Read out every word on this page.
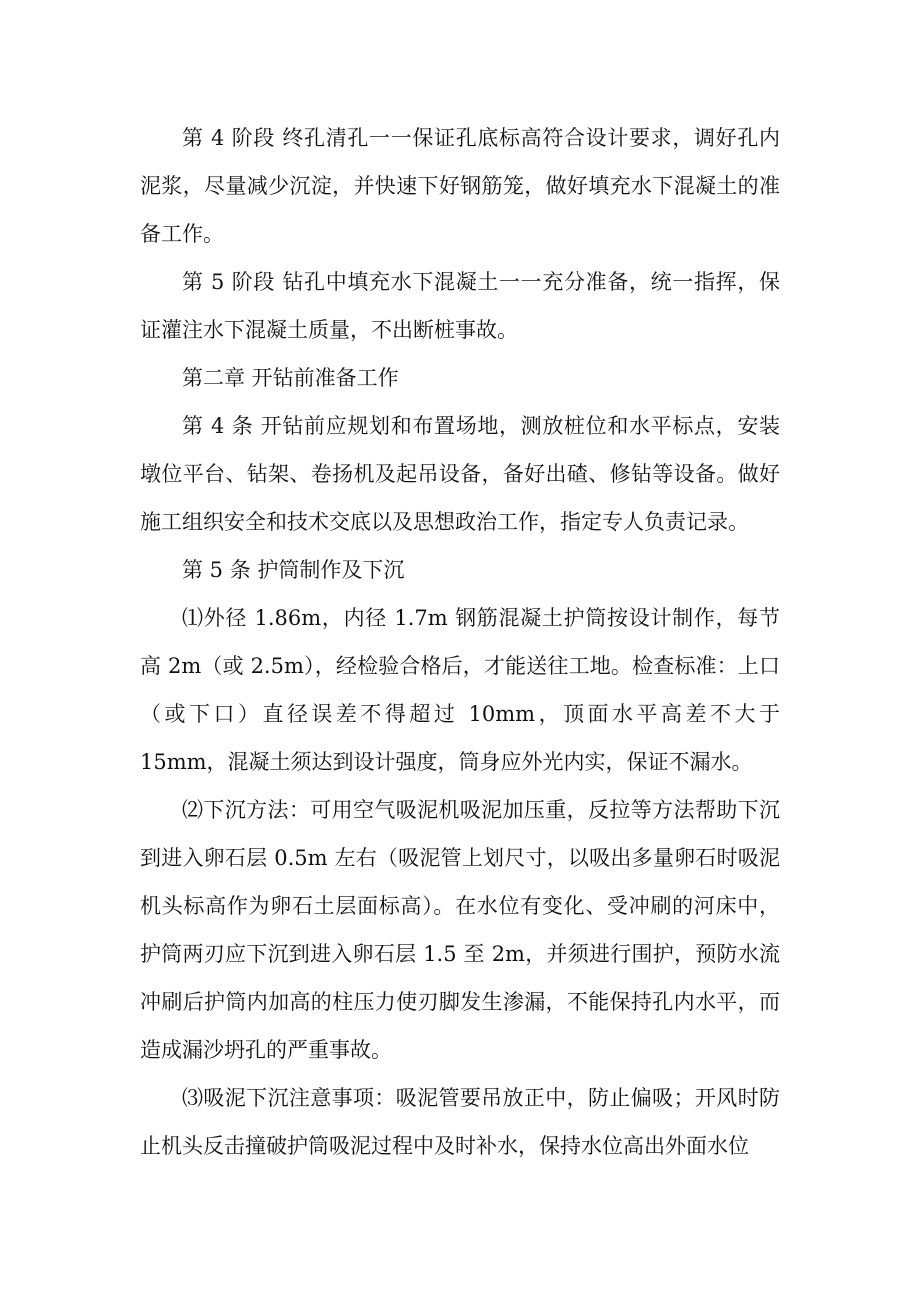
第 4 阶段 终孔清孔一一保证孔底标高符合设计要求，调好孔内泥浆，尽量减少沉淀，并快速下好钢筋笼，做好填充水下混凝土的准备工作。

第 5 阶段 钻孔中填充水下混凝土一一充分准备，统一指挥，保证灌注水下混凝土质量，不出断桩事故。

第二章 开钻前准备工作

第 4 条 开钻前应规划和布置场地，测放桩位和水平标点，安装墩位平台、钻架、卷扬机及起吊设备，备好出碴、修钻等设备。做好施工组织安全和技术交底以及思想政治工作，指定专人负责记录。

第 5 条 护筒制作及下沉

⑴外径 1.86m，内径 1.7m 钢筋混凝土护筒按设计制作，每节高 2m（或 2.5m），经检验合格后，才能送往工地。检查标准：上口（或下口）直径误差不得超过 10mm，顶面水平高差不大于 15mm，混凝土须达到设计强度，筒身应外光内实，保证不漏水。

⑵下沉方法：可用空气吸泥机吸泥加压重，反拉等方法帮助下沉到进入卵石层 0.5m 左右（吸泥管上划尺寸，以吸出多量卵石时吸泥机头标高作为卵石土层面标高）。在水位有变化、受冲刷的河床中，护筒两刃应下沉到进入卵石层 1.5 至 2m，并须进行围护，预防水流冲刷后护筒内加高的柱压力使刃脚发生渗漏，不能保持孔内水平，而造成漏沙坍孔的严重事故。

⑶吸泥下沉注意事项：吸泥管要吊放正中，防止偏吸；开风时防止机头反击撞破护筒吸泥过程中及时补水，保持水位高出外面水位
